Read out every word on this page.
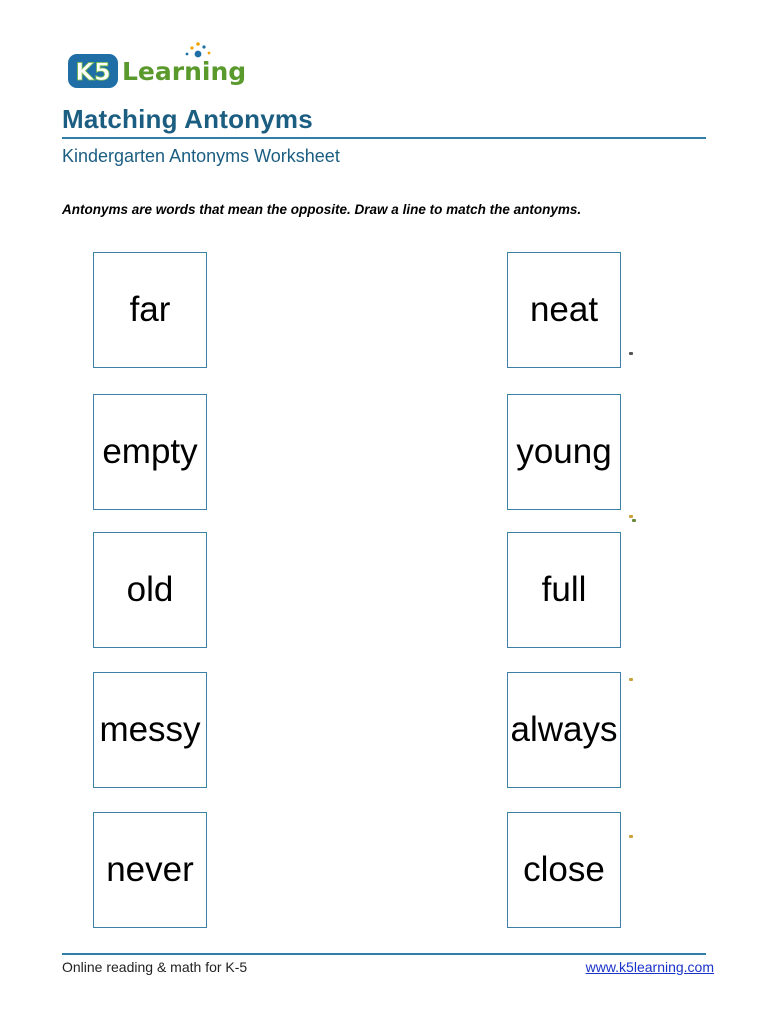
K5 Learning
Matching Antonyms
Kindergarten Antonyms Worksheet
Antonyms are words that mean the opposite. Draw a line to match the antonyms.
far
empty
old
messy
never
neat
young
full
always
close
Online reading & math for K-5	www.k5learning.com
